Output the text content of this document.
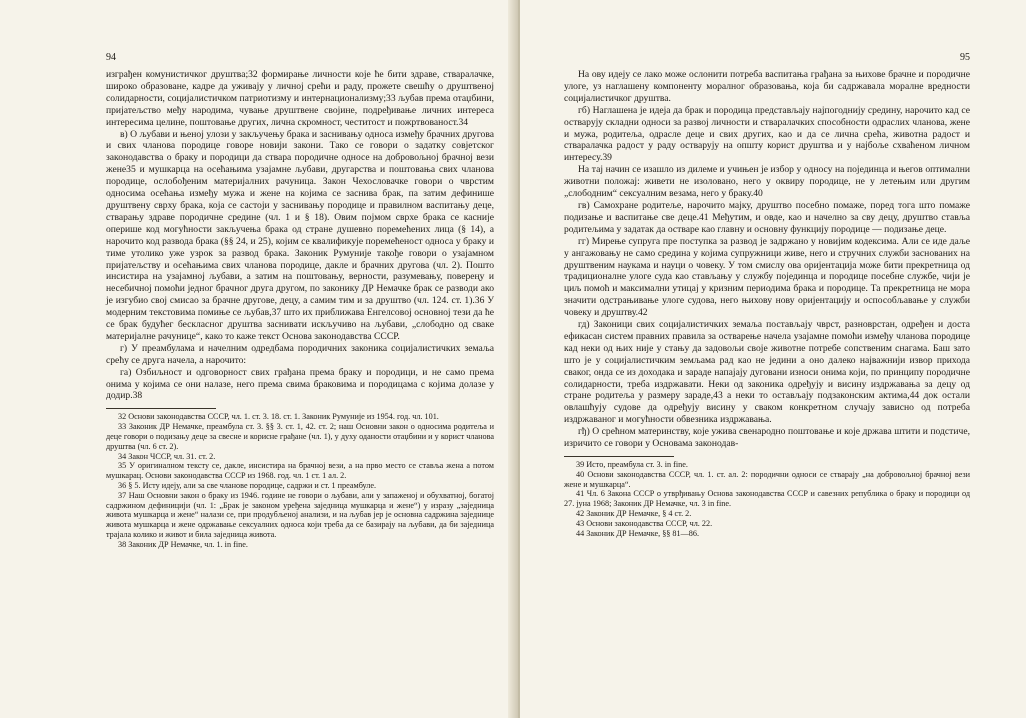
94

изграђен комунистичког друштва;32 формирање личности које ће бити здраве, стваралачке, широко образоване, кадре да уживају у личној срећи и раду, прожете свешћу о друштвеној солидарности, социјалистичком патриотизму и интернационализму;33 љубав према отаџбини, пријатељство међу народима, чување друштвене својине, подређивање личних интереса интересима целине, поштовање других, лична скромност, честитост и пожртвованост.34

в) О љубави и њеној улози у закључењу брака и заснивању односа између брачних другова и свих чланова породице говоре новији закони. Тако се говори о задатку совјетског законодавства о браку и породици да ствара породичне односе на добровољној брачној вези жене35 и мушкарца на осећањима узајамне љубави, другарства и поштовања свих чланова породице, ослобођеним материјалних рачуница. Закон Чехословачке говори о чврстим односима осећања између мужа и жене на којима се заснива брак, па затим дефинише друштвену сврху брака, која се састоји у заснивању породице и правилном васпитању деце, стварању здраве породичне средине (чл. 1 и § 18). Овим појмом сврхе брака се касније оперише код могућности закључења брака од стране душевно поремећених лица (§ 14), а нарочито код развода брака (§§ 24, и 25), којим се квалификује поремећеност односа у браку и тиме утолико уже узрок за развод брака. Законик Румуније такође говори о узајамном пријатељству и осећањима свих чланова породице, дакле и брачних другова (чл. 2). Пошто инсистира на узајамној љубави, а затим на поштовању, верности, разумевању, повереңу и несебичној помоћи једног брачног друга другом, по законику ДР Немачке брак се разводи ако је изгубио свој смисао за брачне другове, децу, а самим тим и за друштво (чл. 124. ст. 1).36 У модерним текстовима помиње се љубав,37 што их приближава Енгелсовој основној тези да ће се брак будућег бескласног друштва заснивати искључиво на љубави, „слободно од сваке материјалне рачунице“, како то каже текст Основа законодавства СССР.

г) У преамбулама и начелним одредбама породичних законика социјалистичких земаља срећу се друга начела, а нарочито:

га) Озбиљност и одговорност свих грађана према браку и породици, и не само према онима у којима се они налазе, него према свима браковима и породицама с којима долазе у додир.38

32 Основи законодавства СССР, чл. 1. ст. 3. 18. ст. 1. Законик Румуније из 1954. год. чл. 101.

33 Законик ДР Немачке, преамбула ст. 3. §§ 3. ст. 1, 42. ст. 2; наш Основни закон о односима родитеља и деце говори о подизању деце за свесне и корисне грађане (чл. 1), у духу оданости отаџбини и у корист чланова друштва (чл. 6 ст. 2).

34 Закон ЧССР, чл. 31. ст. 2.

35 У оригиналном тексту се, дакле, инсистира на брачној вези, а на прво место се ставља жена а потом мушкарац. Основи законодавства СССР из 1968. год. чл. 1 ст. 1 ал. 2.

36 § 5. Исту идеју, али за све чланове породице, садржи и ст. 1 преамбуле.

37 Наш Основни закон о браку из 1946. године не говори о љубави, али у запаженој и обухватној, богатој садржином дефиницији (чл. 1: „Брак је законом уређена заједница мушкарца и жене“) у изразу „заједница живота мушкарца и жене“ налази се, при продубљеној анализи, и на љубав јер је основна садржина заједнице живота мушкарца и жене одржавање сексуалних односа који треба да се базирају на љубави, да би заједница трајала колико и живот и била заједница живота.

38 Законик ДР Немачке, чл. 1. in fine.

95

На ову идеју се лако може ослонити потреба васпитања грађана за њихове брачне и породичне улоге, уз наглашену компоненту моралног образовања, која би садржавала моралне вредности социјалистичког друштва.

гб) Наглашена је идеја да брак и породица представљају најпогоднију средину, нарочито кад се остварују складни односи за развој личности и стваралачких способности одраслих чланова, жене и мужа, родитеља, одрасле деце и свих других, као и да се лична срећа, животна радост и стваралачка радост у раду остварују на општу корист друштва и у најбоље схваћеном личном интересу.39

На тај начин се изашло из дилеме и учињен је избор у односу на појединца и његов оптимални животни положај: живети не изоловано, него у оквиру породице, не у летењим или другим „слободним“ сексуалним везама, него у браку.40

гв) Самохране родитеље, нарочито мајку, друштво посебно помаже, поред тога што помаже подизање и васпитање све деце.41 Међутим, и овде, као и начелно за сву децу, друштво ставља родитељима у задатак да остваре као главну и основну функцију породице — подизање деце.

гг) Мирење супруга пре поступка за развод је задржано у новијим кодексима. Али се иде даље у ангажовању не само средина у којима супружници живе, него и стручних служби заснованих на друштвеним наукама и науци о човеку. У том смислу ова оријентација може бити прекретница од традиционалне улоге суда као стављању у службу појединца и породице посебне службе, чији је циљ помоћ и максимални утицај у кризним периодима брака и породице. Та прекретница не мора значити одстрањивање улоге судова, него њихову нову оријентацију и оспособљавање у служби човеку и друштву.42

гд) Законици свих социјалистичких земаља постављају чврст, разноврстан, одређен и доста ефикасан систем правних правила за остварење начела узајамне помоћи између чланова породице кад неки од њих није у стању да задовољи своје животне потребе сопственим снагама. Баш зато што је у социјалистичким земљама рад као не једини а оно далеко најважнији извор прихода сваког, онда се из доходака и зараде напајају дуговани износи онима који, по принципу породичне солидарности, треба издржавати. Неки од законика одређују и висину издржавања за децу од стране родитеља у размеру зараде,43 а неки то остављају подзаконским актима,44 док остали овлашћују судове да одређују висину у сваком конкретном случају зависно од потреба издржаваног и могућности обвезника издржавања.

гђ) О срећном материнству, које ужива свенародно поштовање и које држава штити и подстиче, изричито се говори у Основама законодав-

39 Исто, преамбула ст. 3. in fine.

40 Основи законодавства СССР, чл. 1. ст. ал. 2: породични односи се стварају „на добровољној брачној вези жене и мушкарца“.

41 Чл. 6 Закона СССР о утврђивању Основа законодавства СССР и савезних република о браку и породици од 27. јуна 1968; Законик ДР Немачке, чл. 3 in fine.

42 Законик ДР Немачке, § 4 ст. 2.

43 Основи законодавства СССР, чл. 22.

44 Законик ДР Немачке, §§ 81—86.
